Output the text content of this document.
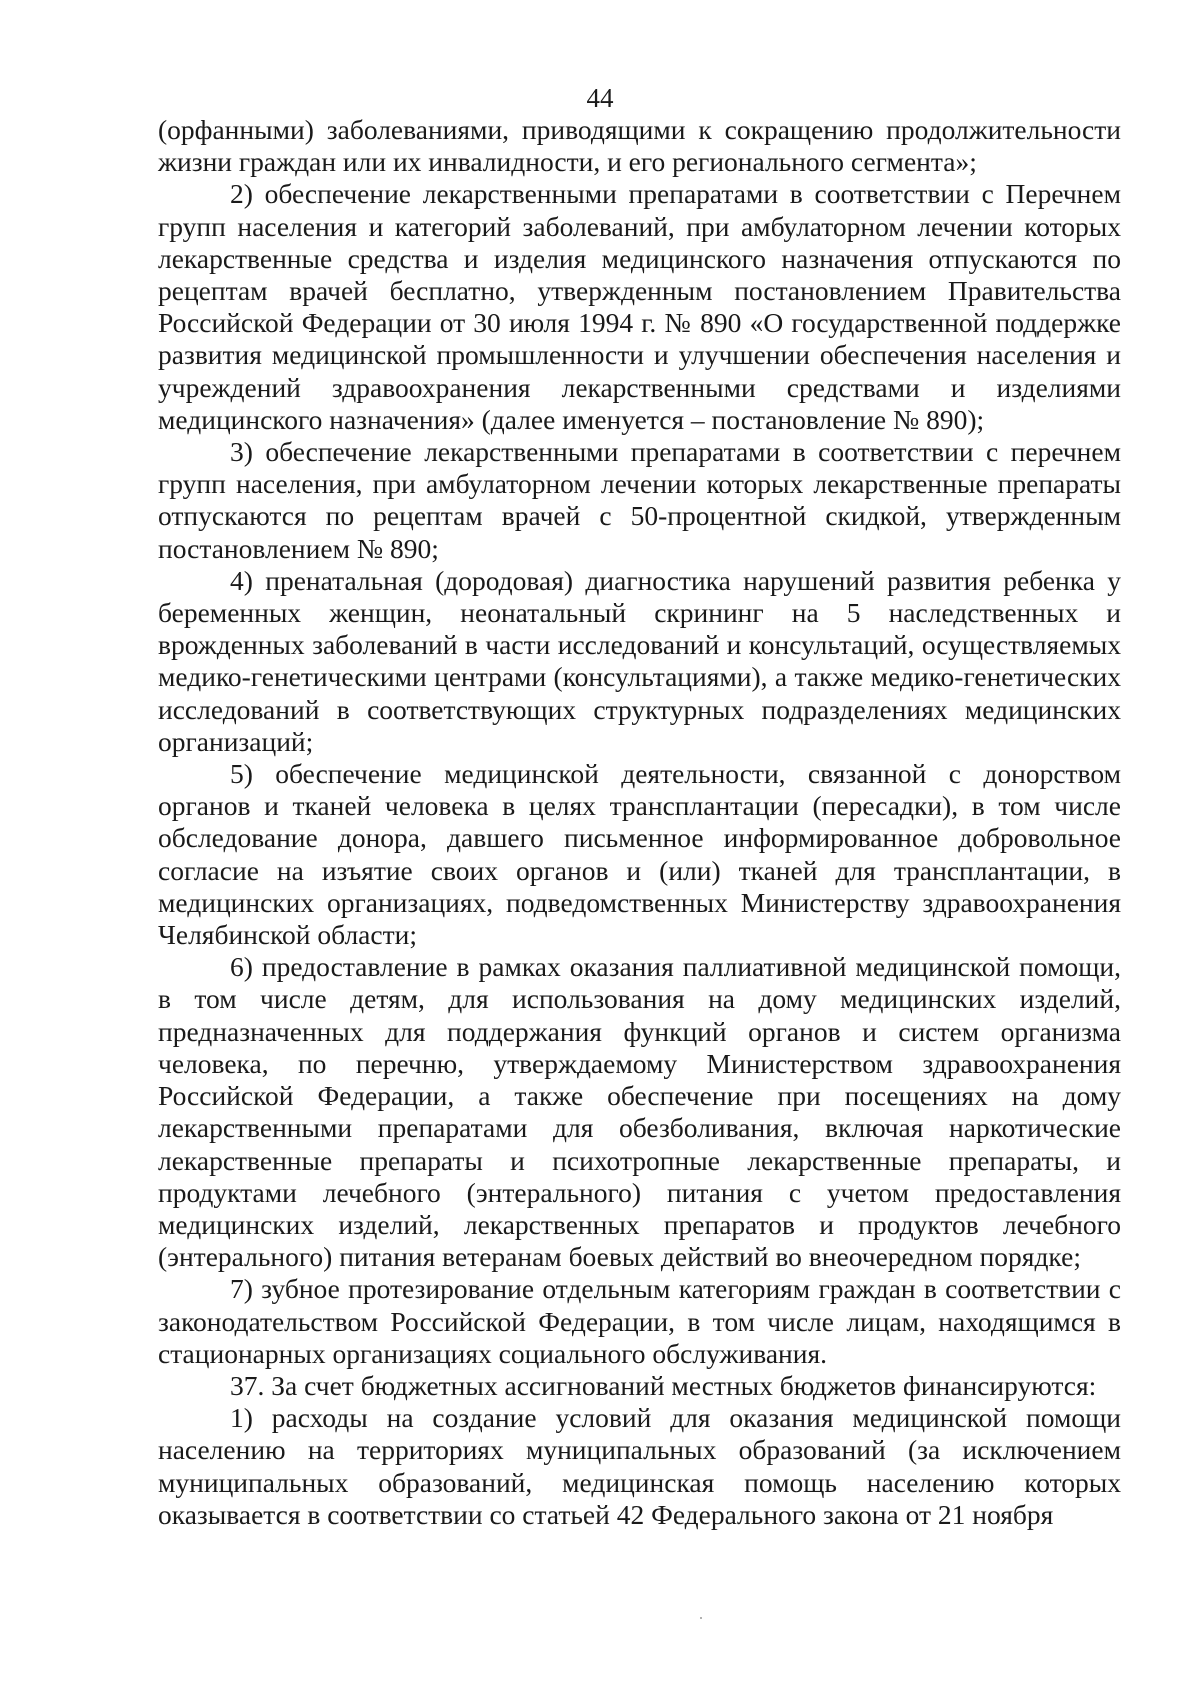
44

(орфанными) заболеваниями, приводящими к сокращению продолжительности жизни граждан или их инвалидности, и его регионального сегмента»;

2) обеспечение лекарственными препаратами в соответствии с Перечнем групп населения и категорий заболеваний, при амбулаторном лечении которых лекарственные средства и изделия медицинского назначения отпускаются по рецептам врачей бесплатно, утвержденным постановлением Правительства Российской Федерации от 30 июля 1994 г. № 890 «О государственной поддержке развития медицинской промышленности и улучшении обеспечения населения и учреждений здравоохранения лекарственными средствами и изделиями медицинского назначения» (далее именуется – постановление № 890);

3) обеспечение лекарственными препаратами в соответствии с перечнем групп населения, при амбулаторном лечении которых лекарственные препараты отпускаются по рецептам врачей с 50-процентной скидкой, утвержденным постановлением № 890;

4) пренатальная (дородовая) диагностика нарушений развития ребенка у беременных женщин, неонатальный скрининг на 5 наследственных и врожденных заболеваний в части исследований и консультаций, осуществляемых медико-генетическими центрами (консультациями), а также медико-генетических исследований в соответствующих структурных подразделениях медицинских организаций;

5) обеспечение медицинской деятельности, связанной с донорством органов и тканей человека в целях трансплантации (пересадки), в том числе обследование донора, давшего письменное информированное добровольное согласие на изъятие своих органов и (или) тканей для трансплантации, в медицинских организациях, подведомственных Министерству здравоохранения Челябинской области;

6) предоставление в рамках оказания паллиативной медицинской помощи, в том числе детям, для использования на дому медицинских изделий, предназначенных для поддержания функций органов и систем организма человека, по перечню, утверждаемому Министерством здравоохранения Российской Федерации, а также обеспечение при посещениях на дому лекарственными препаратами для обезболивания, включая наркотические лекарственные препараты и психотропные лекарственные препараты, и продуктами лечебного (энтерального) питания с учетом предоставления медицинских изделий, лекарственных препаратов и продуктов лечебного (энтерального) питания ветеранам боевых действий во внеочередном порядке;

7) зубное протезирование отдельным категориям граждан в соответствии с законодательством Российской Федерации, в том числе лицам, находящимся в стационарных организациях социального обслуживания.

37. За счет бюджетных ассигнований местных бюджетов финансируются:

1) расходы на создание условий для оказания медицинской помощи населению на территориях муниципальных образований (за исключением муниципальных образований, медицинская помощь населению которых оказывается в соответствии со статьей 42 Федерального закона от 21 ноября
